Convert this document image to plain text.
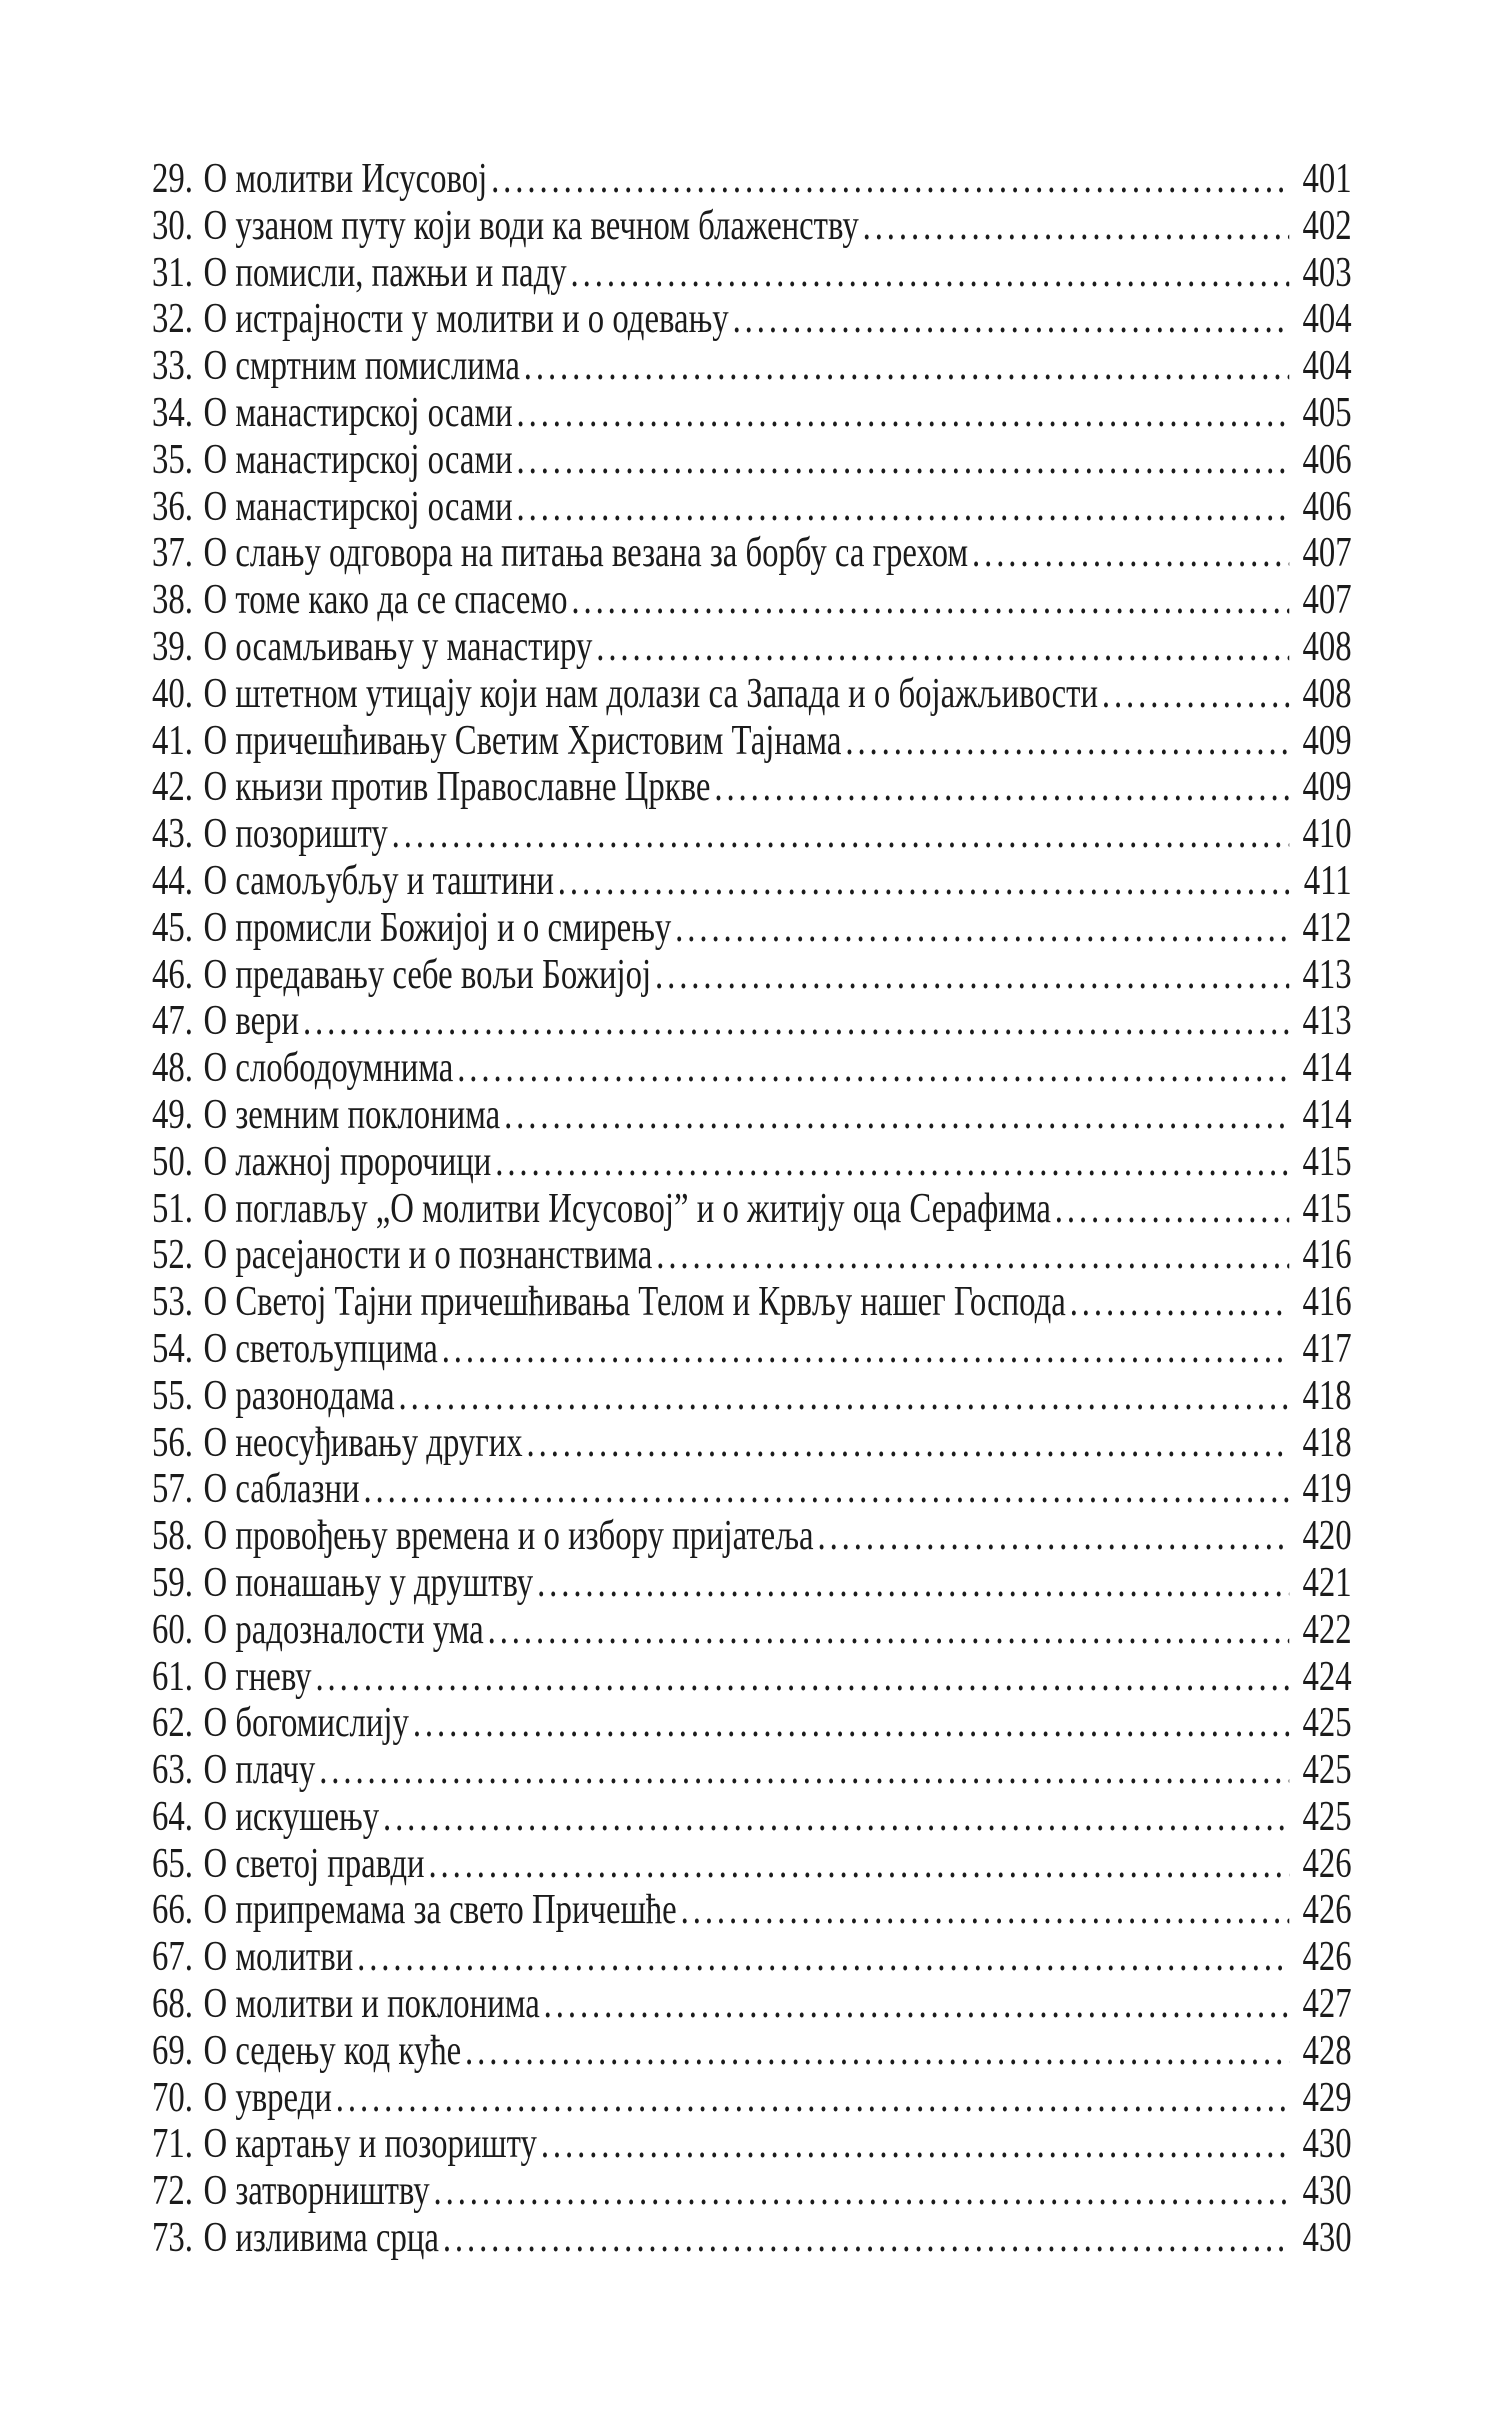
29. О молитви Исусовој .....	401
30. О узаном путу који води ка вечном блаженству .....	402
31. О помисли, пажњи и паду .....	403
32. О истрајности у молитви и о одевању .....	404
33. О смртним помислима .....	404
34. О манастирској осами .....	405
35. О манастирској осами .....	406
36. О манастирској осами .....	406
37. О слању одговора на питања везана за борбу са грехом .....	407
38. О томе како да се спасемо .....	407
39. О осамљивању у манастиру .....	408
40. О штетном утицају који нам долази са Запада и о бојажљивости .....	408
41. О причешћивању Светим Христовим Тајнама .....	409
42. О књизи против Православне Цркве .....	409
43. О позоришту .....	410
44. О самољубљу и таштини .....	411
45. О промисли Божијој и о смирењу .....	412
46. О предавању себе вољи Божијој .....	413
47. О вери .....	413
48. О слободоумнима .....	414
49. О земним поклонима .....	414
50. О лажној пророчици .....	415
51. О поглављу „О молитви Исусовој” и о житију оца Серафима .....	415
52. О расејаности и о познанствима .....	416
53. О Светој Тајни причешћивања Телом и Крвљу нашег Господа .....	416
54. О светољупцима .....	417
55. О разонодама .....	418
56. О неосуђивању других .....	418
57. О саблазни .....	419
58. О провођењу времена и о избору пријатеља .....	420
59. О понашању у друштву .....	421
60. О радозналости ума .....	422
61. О гневу .....	424
62. О богомислију .....	425
63. О плачу .....	425
64. О искушењу .....	425
65. О светој правди .....	426
66. О припремама за свето Причешће .....	426
67. О молитви .....	426
68. О молитви и поклонима .....	427
69. О седењу код куће .....	428
70. О увреди .....	429
71. О картању и позоришту .....	430
72. О затворништву .....	430
73. О изливима срца .....	430
